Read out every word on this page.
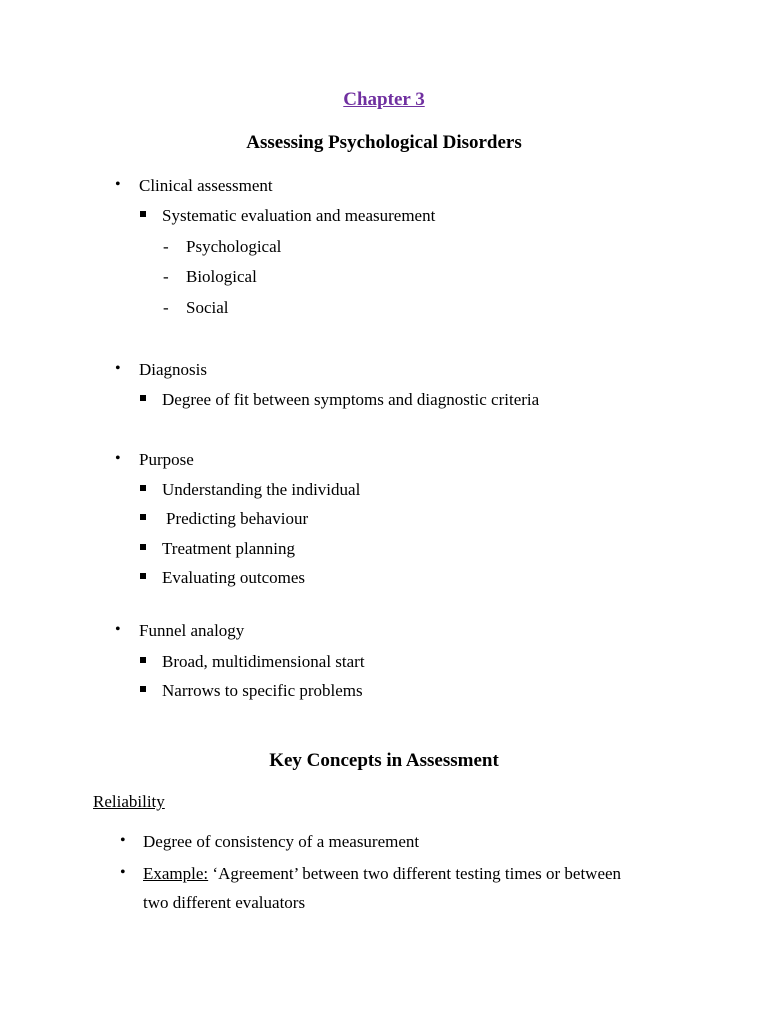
Chapter 3
Assessing Psychological Disorders
• Clinical assessment
Systematic evaluation and measurement
- Psychological
- Biological
- Social
• Diagnosis
Degree of fit between symptoms and diagnostic criteria
• Purpose
Understanding the individual
Predicting behaviour
Treatment planning
Evaluating outcomes
• Funnel analogy
Broad, multidimensional start
Narrows to specific problems
Key Concepts in Assessment
Reliability
• Degree of consistency of a measurement
• Example: ‘Agreement’ between two different testing times or between
two different evaluators
